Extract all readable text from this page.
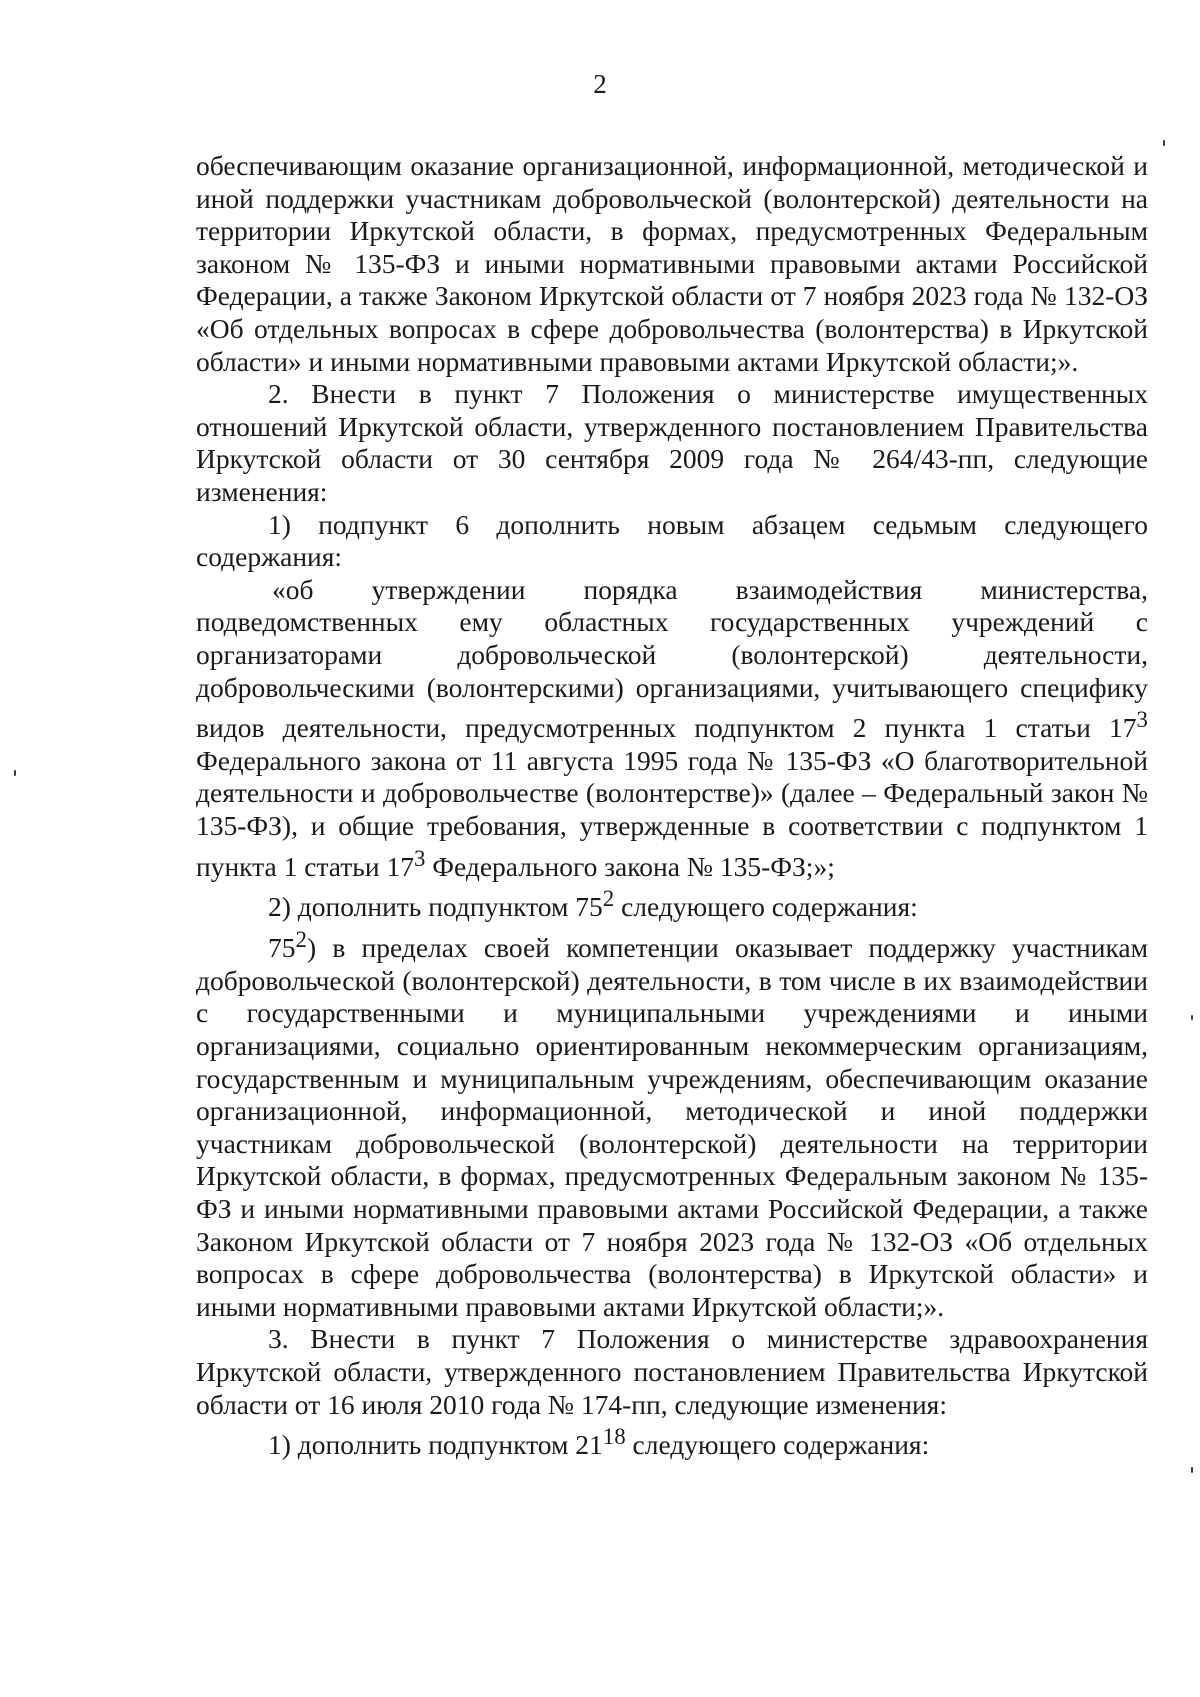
2

обеспечивающим оказание организационной, информационной, методической и иной поддержки участникам добровольческой (волонтерской) деятельности на территории Иркутской области, в формах, предусмотренных Федеральным законом № 135-ФЗ и иными нормативными правовыми актами Российской Федерации, а также Законом Иркутской области от 7 ноября 2023 года № 132-ОЗ «Об отдельных вопросах в сфере добровольчества (волонтерства) в Иркутской области» и иными нормативными правовыми актами Иркутской области;».

2. Внести в пункт 7 Положения о министерстве имущественных отношений Иркутской области, утвержденного постановлением Правительства Иркутской области от 30 сентября 2009 года № 264/43-пп, следующие изменения:

1) подпункт 6 дополнить новым абзацем седьмым следующего содержания:

«об утверждении порядка взаимодействия министерства, подведомственных ему областных государственных учреждений с организаторами добровольческой (волонтерской) деятельности, добровольческими (волонтерскими) организациями, учитывающего специфику видов деятельности, предусмотренных подпунктом 2 пункта 1 статьи $17^3$ Федерального закона от 11 августа 1995 года № 135-ФЗ «О благотворительной деятельности и добровольчестве (волонтерстве)» (далее – Федеральный закон № 135-ФЗ), и общие требования, утвержденные в соответствии с подпунктом 1 пункта 1 статьи $17^3$ Федерального закона № 135-ФЗ;»;

2) дополнить подпунктом $75^2$ следующего содержания:

$75^2$) в пределах своей компетенции оказывает поддержку участникам добровольческой (волонтерской) деятельности, в том числе в их взаимодействии с государственными и муниципальными учреждениями и иными организациями, социально ориентированным некоммерческим организациям, государственным и муниципальным учреждениям, обеспечивающим оказание организационной, информационной, методической и иной поддержки участникам добровольческой (волонтерской) деятельности на территории Иркутской области, в формах, предусмотренных Федеральным законом № 135-ФЗ и иными нормативными правовыми актами Российской Федерации, а также Законом Иркутской области от 7 ноября 2023 года № 132-ОЗ «Об отдельных вопросах в сфере добровольчества (волонтерства) в Иркутской области» и иными нормативными правовыми актами Иркутской области;».

3. Внести в пункт 7 Положения о министерстве здравоохранения Иркутской области, утвержденного постановлением Правительства Иркутской области от 16 июля 2010 года № 174-пп, следующие изменения:

1) дополнить подпунктом $21^{18}$ следующего содержания:
